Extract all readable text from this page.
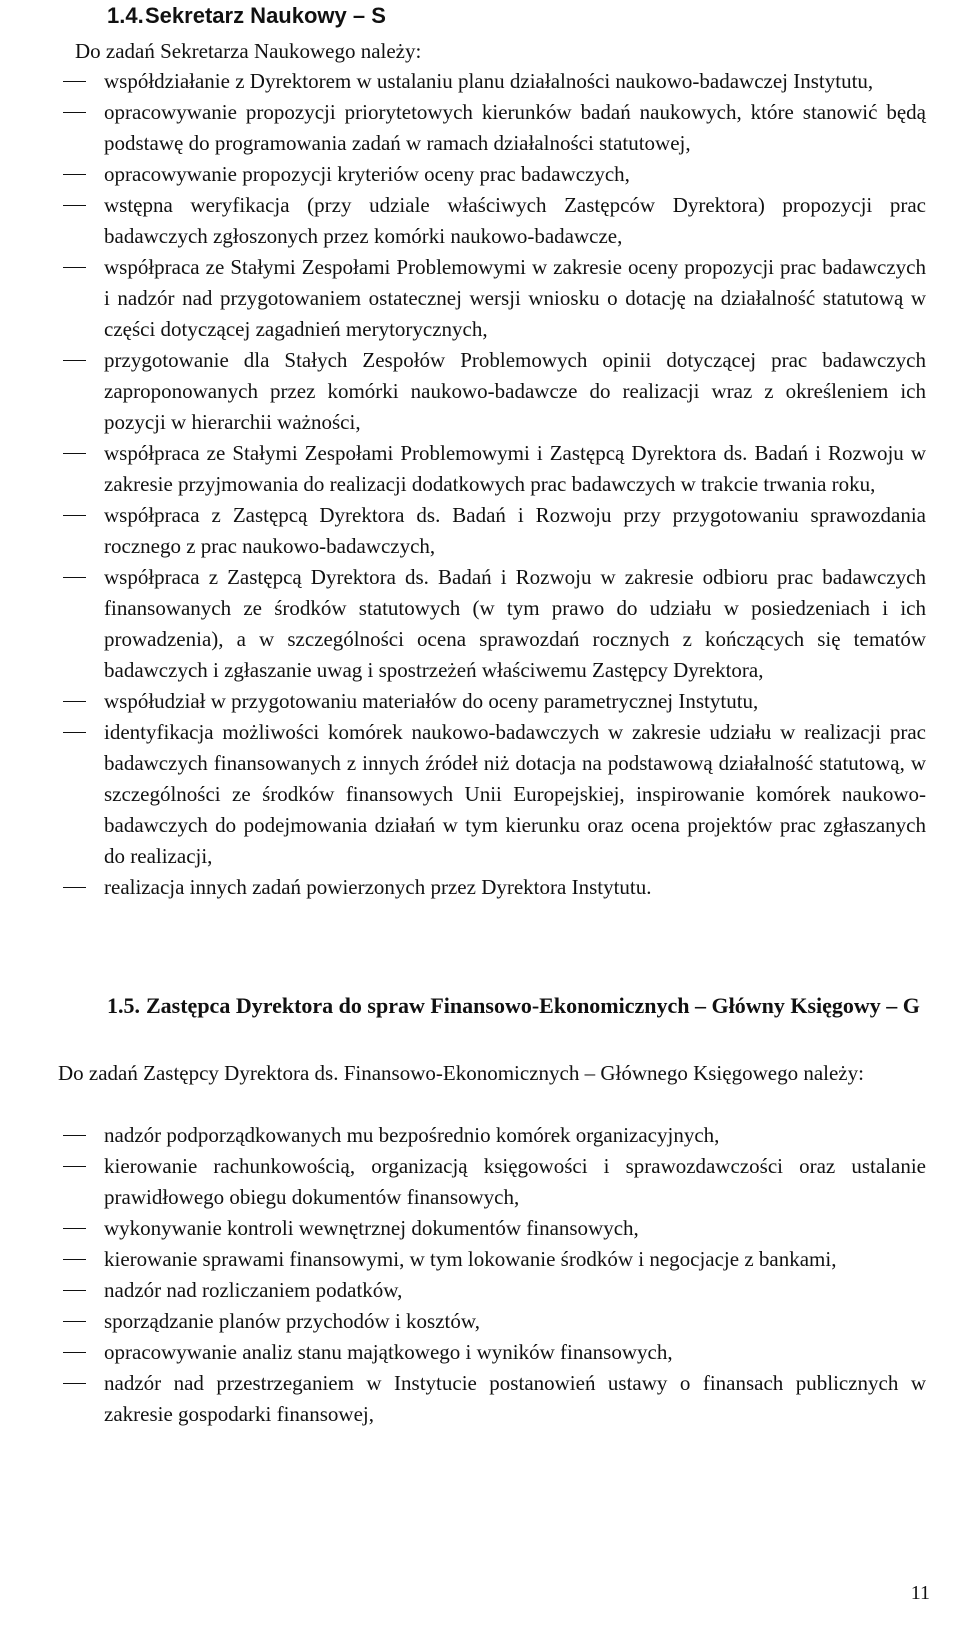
1.4.Sekretarz Naukowy – S
Do zadań Sekretarza Naukowego należy:
współdziałanie z Dyrektorem w ustalaniu planu działalności naukowo-badawczej Instytutu,
opracowywanie propozycji priorytetowych kierunków badań naukowych, które stanowić będą podstawę do programowania zadań w ramach działalności statutowej,
opracowywanie propozycji kryteriów oceny prac badawczych,
wstępna weryfikacja (przy udziale właściwych Zastępców Dyrektora) propozycji prac badawczych zgłoszonych przez komórki naukowo-badawcze,
współpraca ze Stałymi Zespołami Problemowymi w zakresie oceny propozycji prac badawczych i nadzór nad przygotowaniem ostatecznej wersji wniosku o dotację na działalność statutową w części dotyczącej zagadnień merytorycznych,
przygotowanie dla Stałych Zespołów Problemowych opinii dotyczącej prac badawczych zaproponowanych przez komórki naukowo-badawcze do realizacji wraz z określeniem ich pozycji w hierarchii ważności,
współpraca ze Stałymi Zespołami Problemowymi i Zastępcą Dyrektora ds. Badań i Rozwoju w zakresie przyjmowania do realizacji dodatkowych prac badawczych w trakcie trwania roku,
współpraca z Zastępcą Dyrektora ds. Badań i Rozwoju przy przygotowaniu sprawozdania rocznego z prac naukowo-badawczych,
współpraca z Zastępcą Dyrektora ds. Badań i Rozwoju w zakresie odbioru prac badawczych finansowanych ze środków statutowych (w tym prawo do udziału w posiedzeniach i ich prowadzenia), a w szczególności ocena sprawozdań rocznych z kończących się tematów badawczych i zgłaszanie uwag i spostrzeżeń właściwemu Zastępcy Dyrektora,
współudział w przygotowaniu materiałów do oceny parametrycznej Instytutu,
identyfikacja możliwości komórek naukowo-badawczych w zakresie udziału w realizacji prac badawczych finansowanych z innych źródeł niż dotacja na podstawową działalność statutową, w szczególności ze środków finansowych Unii Europejskiej, inspirowanie komórek naukowo-badawczych do podejmowania działań w tym kierunku oraz ocena projektów prac zgłaszanych do realizacji,
realizacja innych zadań powierzonych przez Dyrektora Instytutu.
1.5. Zastępca Dyrektora do spraw Finansowo-Ekonomicznych – Główny Księgowy – G
Do zadań Zastępcy Dyrektora ds. Finansowo-Ekonomicznych – Głównego Księgowego należy:
nadzór podporządkowanych mu bezpośrednio komórek organizacyjnych,
kierowanie rachunkowością, organizacją księgowości i sprawozdawczości oraz ustalanie prawidłowego obiegu dokumentów finansowych,
wykonywanie kontroli wewnętrznej dokumentów finansowych,
kierowanie sprawami finansowymi, w tym lokowanie środków i negocjacje z bankami,
nadzór nad rozliczaniem podatków,
sporządzanie planów przychodów i kosztów,
opracowywanie analiz stanu majątkowego i wyników finansowych,
nadzór nad przestrzeganiem w Instytucie postanowień ustawy o finansach publicznych w zakresie gospodarki finansowej,
11
